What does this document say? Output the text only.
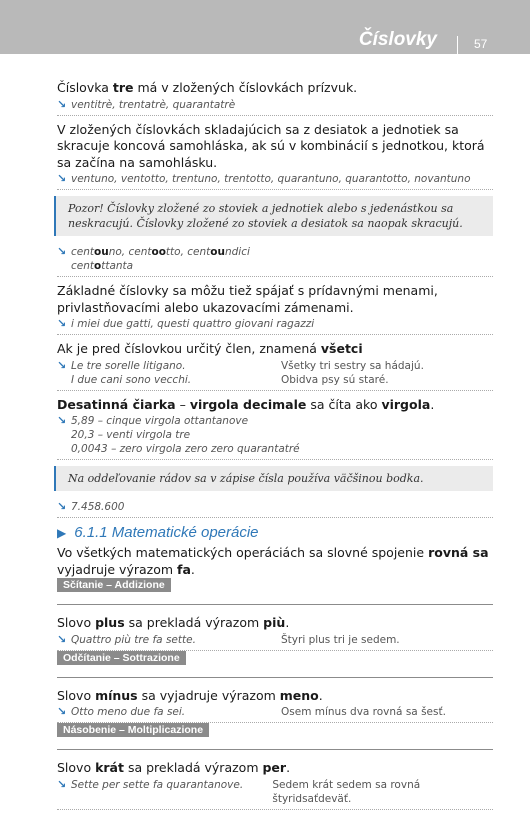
Číslovky	57

Číslovka tre má v zložených číslovkách prízvuk.

↘ ventitrè, trentatrè, quarantatrè

V zložených číslovkách skladajúcich sa z desiatok a jednotiek sa skracuje koncová samohláska, ak sú v kombinácií s jednotkou, ktorá sa začína na samohlásku.

↘ ventuno, ventotto, trentuno, trentotto, quarantuno, quarantotto, novantuno
Pozor! Číslovky zložené zo stoviek a jednotiek alebo s jedenástkou sa neskracujú. Číslovky zložené zo stoviek a desiatok sa naopak skracujú.
↘ centouno, centootto, centoundici
centottanta

Základné číslovky sa môžu tiež spájať s prídavnými menami, privlastňovacími alebo ukazovacími zámenami.

↘ i miei due gatti, questi quattro giovani ragazzi

Ak je pred číslovkou určitý člen, znamená všetci

↘ Le tre sorelle litigano.	Všetky tri sestry sa hádajú.
I due cani sono vecchi.	Obidva psy sú staré.

Desatinná čiarka – virgola decimale sa číta ako virgola.

↘ 5,89 – cinque virgola ottantanove
20,3 – venti virgola tre
0,0043 – zero virgola zero zero quarantatré
Na oddeľovanie rádov sa v zápise čísla používa väčšinou bodka.
↘ 7.458.600
▶ 6.1.1 Matematické operácie

Vo všetkých matematických operáciách sa slovné spojenie rovná sa vyjadruje výrazom fa.

Sčítanie – Addizione

Slovo plus sa prekladá výrazom più.

↘ Quattro più tre fa sette.	Štyri plus tri je sedem.
Odčítanie – Sottrazione

Slovo mínus sa vyjadruje výrazom meno.

↘ Otto meno due fa sei.	Osem mínus dva rovná sa šesť.
Násobenie – Moltiplicazione

Slovo krát sa prekladá výrazom per.

↘ Sette per sette fa quarantanove.	Sedem krát sedem sa rovná štyridsaťdeväť.
